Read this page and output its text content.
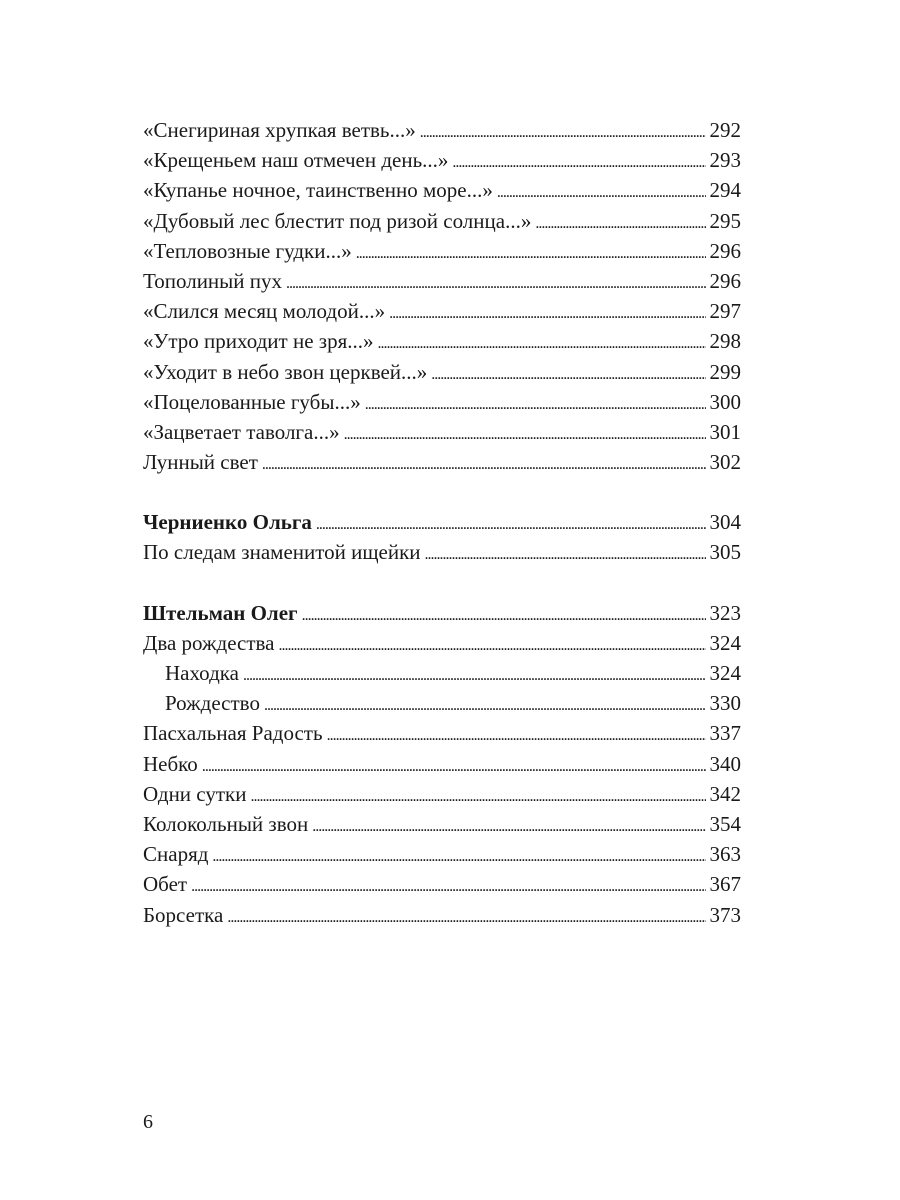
«Снегириная хрупкая ветвь...» . . .	292
«Крещеньем наш отмечен день...» . . .	293
«Купанье ночное, таинственно море...» . . .	294
«Дубовый лес блестит под ризой солнца...» . . .	295
«Тепловозные гудки...» . . .	296
Тополиный пух . . .	296
«Слился месяц молодой...» . . .	297
«Утро приходит не зря...» . . .	298
«Уходит в небо звон церквей...» . . .	299
«Поцелованные губы...» . . .	300
«Зацветает таволга...» . . .	301
Лунный свет . . .	302
Черниенко Ольга . . .	304
По следам знаменитой ищейки . . .	305
Штельман Олег . . .	323
Два рождества . . .	324
Находка . . .	324
Рождество . . .	330
Пасхальная Радость . . .	337
Небко . . .	340
Одни сутки . . .	342
Колокольный звон . . .	354
Снаряд . . .	363
Обет . . .	367
Борсетка . . .	373
6
